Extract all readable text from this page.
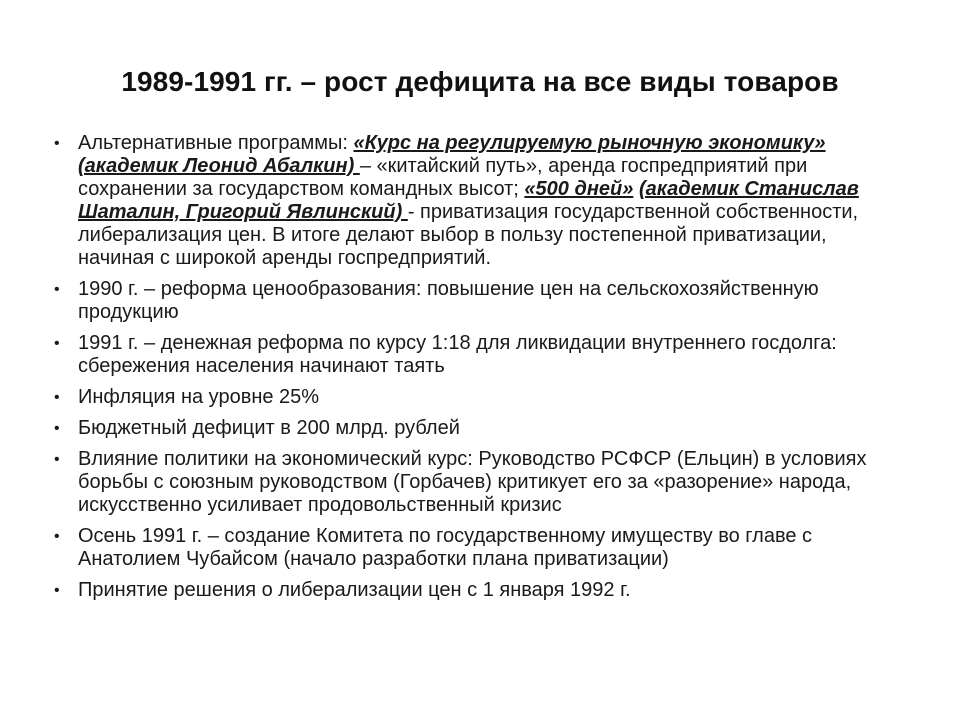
1989-1991 гг. – рост дефицита на все виды товаров
• Альтернативные программы: «Курс на регулируемую рыночную экономику» (академик Леонид Абалкин) – «китайский путь», аренда госпредприятий при сохранении за государством командных высот; «500 дней» (академик Станислав Шаталин, Григорий Явлинский) - приватизация государственной собственности, либерализация цен. В итоге делают выбор в пользу постепенной приватизации, начиная с широкой аренды госпредприятий.
• 1990 г. – реформа ценообразования: повышение цен на сельскохозяйственную продукцию
• 1991 г. – денежная реформа по курсу 1:18 для ликвидации внутреннего госдолга: сбережения населения начинают таять
• Инфляция на уровне 25%
• Бюджетный дефицит в 200 млрд. рублей
• Влияние политики на экономический курс: Руководство РСФСР (Ельцин) в условиях борьбы с союзным руководством (Горбачев) критикует его за «разорение» народа, искусственно усиливает продовольственный кризис
• Осень 1991 г. – создание Комитета по государственному имуществу во главе с Анатолием Чубайсом (начало разработки плана приватизации)
• Принятие решения о либерализации цен с 1 января 1992 г.
